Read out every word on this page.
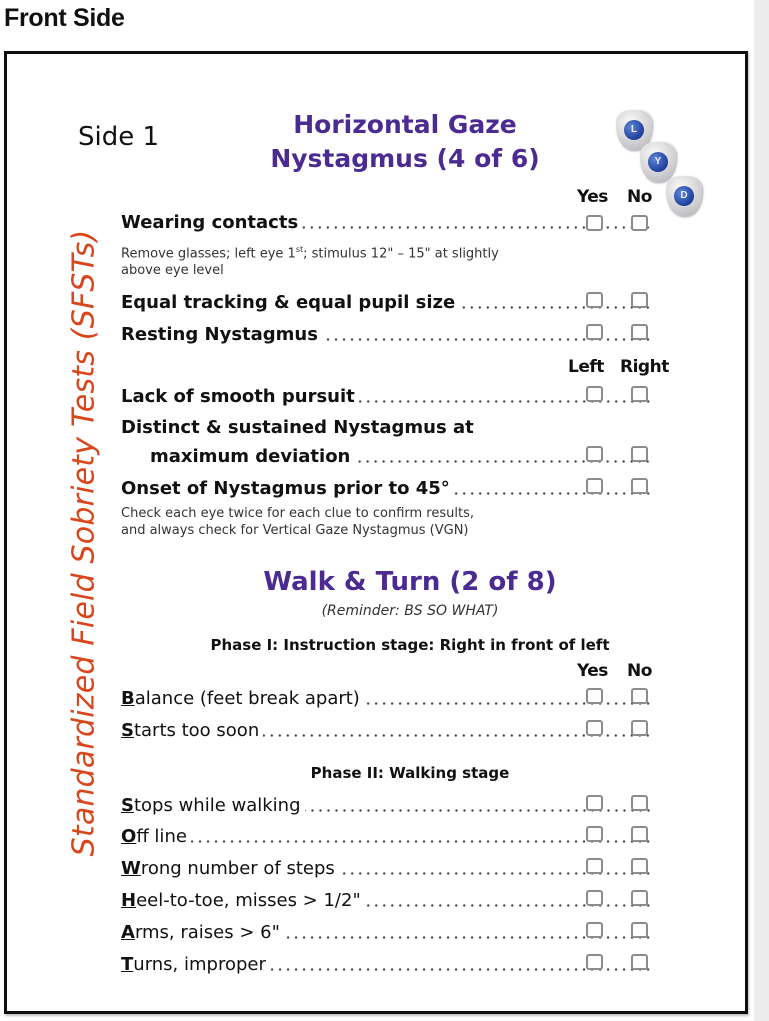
Front Side
Standardized Field Sobriety Tests (SFSTs)
Side 1	Horizontal Gaze
Nystagmus (4 of 6)
L
Y
D
Yes No
Wearing contacts
Remove glasses; left eye 1st; stimulus 12" – 15" at slightly
above eye level
Equal tracking & equal pupil size
Resting Nystagmus
Left Right
Lack of smooth pursuit
Distinct & sustained Nystagmus at
maximum deviation
Onset of Nystagmus prior to 45°
Check each eye twice for each clue to confirm results,
and always check for Vertical Gaze Nystagmus (VGN)
Walk & Turn (2 of 8)
(Reminder: BS SO WHAT)
Phase I: Instruction stage: Right in front of left
Yes No
Balance (feet break apart)
Starts too soon
Phase II: Walking stage
Stops while walking
Off line
Wrong number of steps
Heel-to-toe, misses > 1/2"
Arms, raises > 6"
Turns, improper
